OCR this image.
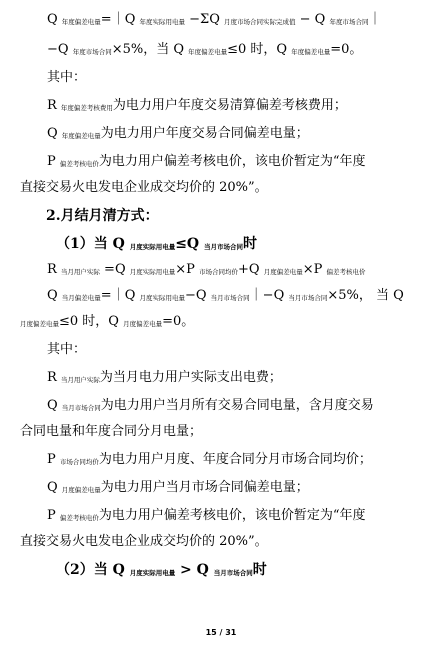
Q $_{年度偏差电量}$=｜Q $_{年度实际用电量}$ −ΣQ $_{月度市场合同实际完成值}$ − Q $_{年度市场合同}$｜
−Q $_{年度市场合同}$×5%，当 Q $_{年度偏差电量}$≤0 时，Q $_{年度偏差电量}$=0。
其中：
R $_{年度偏差考核费用}$为电力用户年度交易清算偏差考核费用；
Q $_{年度偏差电量}$为电力用户年度交易合同偏差电量；
P $_{偏差考核电价}$为电力用户偏差考核电价，该电价暂定为“年度
直接交易火电发电企业成交均价的 20%”。
2.月结月清方式：
（1）当 Q $_{月度实际用电量}$≤Q $_{当月市场合同}$时
R $_{当月用户实际}$ =Q $_{月度实际用电量}$×P $_{市场合同均价}$+Q $_{月度偏差电量}$×P $_{偏差考核电价}$
Q $_{当月偏差电量}$=｜Q $_{月度实际用电量}$−Q $_{当月市场合同}$｜−Q $_{当月市场合同}$×5%， 当 Q
$_{月度偏差电量}$≤0 时，Q $_{月度偏差电量}$=0。
其中：
R $_{当月用户实际}$为当月电力用户实际支出电费；
Q $_{当月市场合同}$为电力用户当月所有交易合同电量，含月度交易
合同电量和年度合同分月电量；
P $_{市场合同均价}$为电力用户月度、年度合同分月市场合同均价；
Q $_{月度偏差电量}$为电力用户当月市场合同偏差电量；
P $_{偏差考核电价}$为电力用户偏差考核电价，该电价暂定为“年度
直接交易火电发电企业成交均价的 20%”。
（2）当 Q $_{月度实际用电量}$ > Q $_{当月市场合同}$时
15 / 31
